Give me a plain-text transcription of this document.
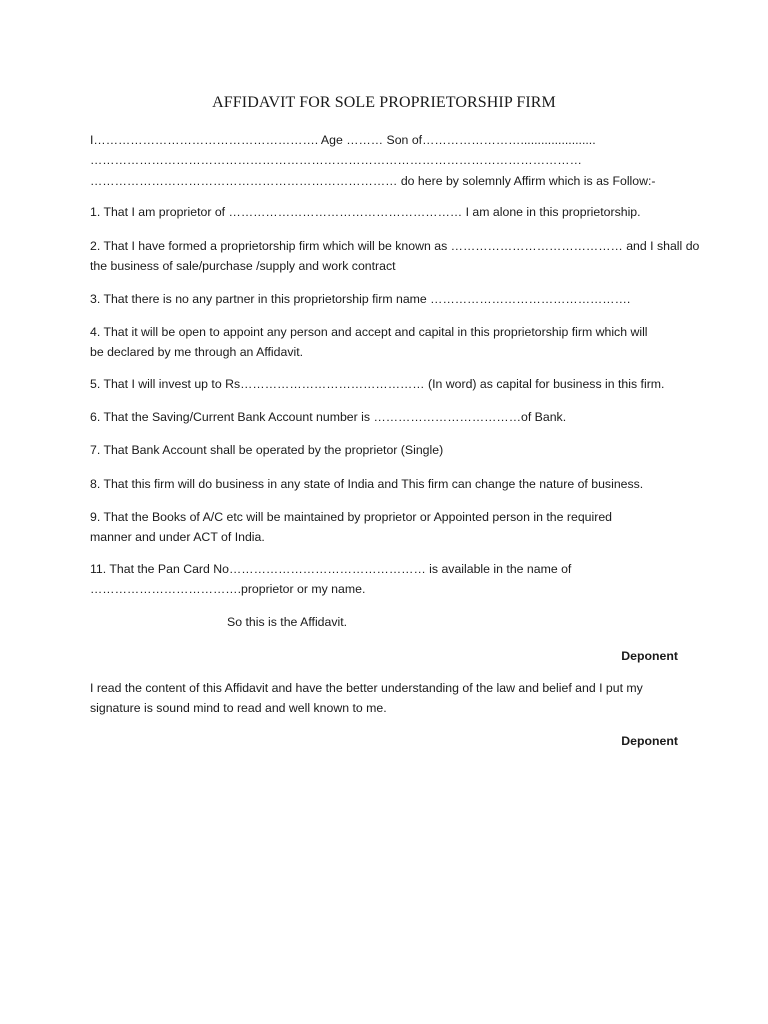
AFFIDAVIT FOR SOLE PROPRIETORSHIP FIRM
I………………………………………………. Age ……… Son of……………………......................
…………………………………………………………………………………………………………
………………………………………………………………… do here by solemnly Affirm which is as Follow:-
1. That I am proprietor of ………………………………………………… I am alone in this proprietorship.
2. That I have formed a proprietorship firm which will be known as …………………………………… and I shall do
the business of sale/purchase /supply and work contract
3. That there is no any partner in this proprietorship firm name ………………………………………….
4. That it will be open to appoint any person and accept and capital in this proprietorship firm which will
be declared by me through an Affidavit.
5. That I will invest up to Rs……………………………………… (In word) as capital for business in this firm.
6. That the Saving/Current Bank Account number is ………………………………of Bank.
7. That Bank Account shall be operated by the proprietor (Single)
8. That this firm will do business in any state of India and This firm can change the nature of business.
9. That the Books of A/C etc will be maintained by proprietor or Appointed person in the required
manner and under ACT of India.
11. That the Pan Card No………………………………………… is available in the name of
……………………………….proprietor or my name.
So this is the Affidavit.
Deponent
I read the content of this Affidavit and have the better understanding of the law and belief and I put my
signature is sound mind to read and well known to me.
Deponent
